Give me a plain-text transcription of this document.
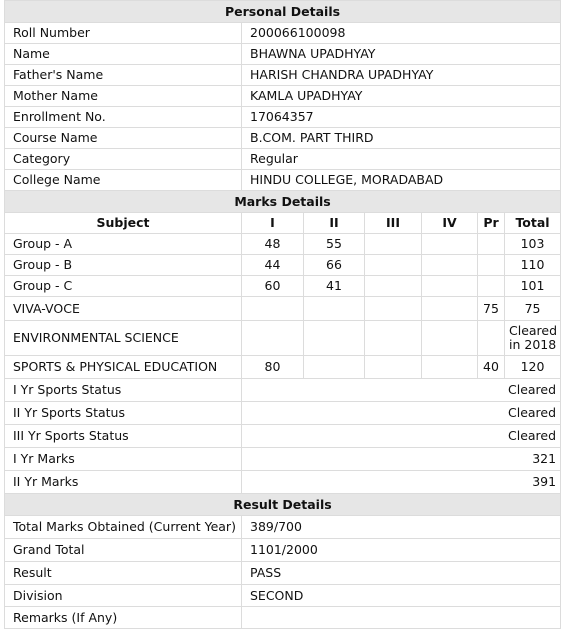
Personal Details						
Roll Number	200066100098					
Name	BHAWNA UPADHYAY					
Father's Name	HARISH CHANDRA UPADHYAY					
Mother Name	KAMLA UPADHYAY					
Enrollment No.	17064357					
Course Name	B.COM. PART THIRD					
Category	Regular					
College Name	HINDU COLLEGE, MORADABAD					
Marks Details						
Subject	I	II	III	IV	Pr	Total
Group - A	48	55				103
Group - B	44	66				110
Group - C	60	41				101
VIVA-VOCE					75	75
ENVIRONMENTAL SCIENCE						Cleared
in 2018
SPORTS & PHYSICAL EDUCATION	80				40	120
I Yr Sports Status	Cleared					
II Yr Sports Status	Cleared					
III Yr Sports Status	Cleared					
I Yr Marks	321					
II Yr Marks	391					
Result Details						
Total Marks Obtained (Current Year)	389/700					
Grand Total	1101/2000					
Result	PASS					
Division	SECOND					
Remarks (If Any)						
